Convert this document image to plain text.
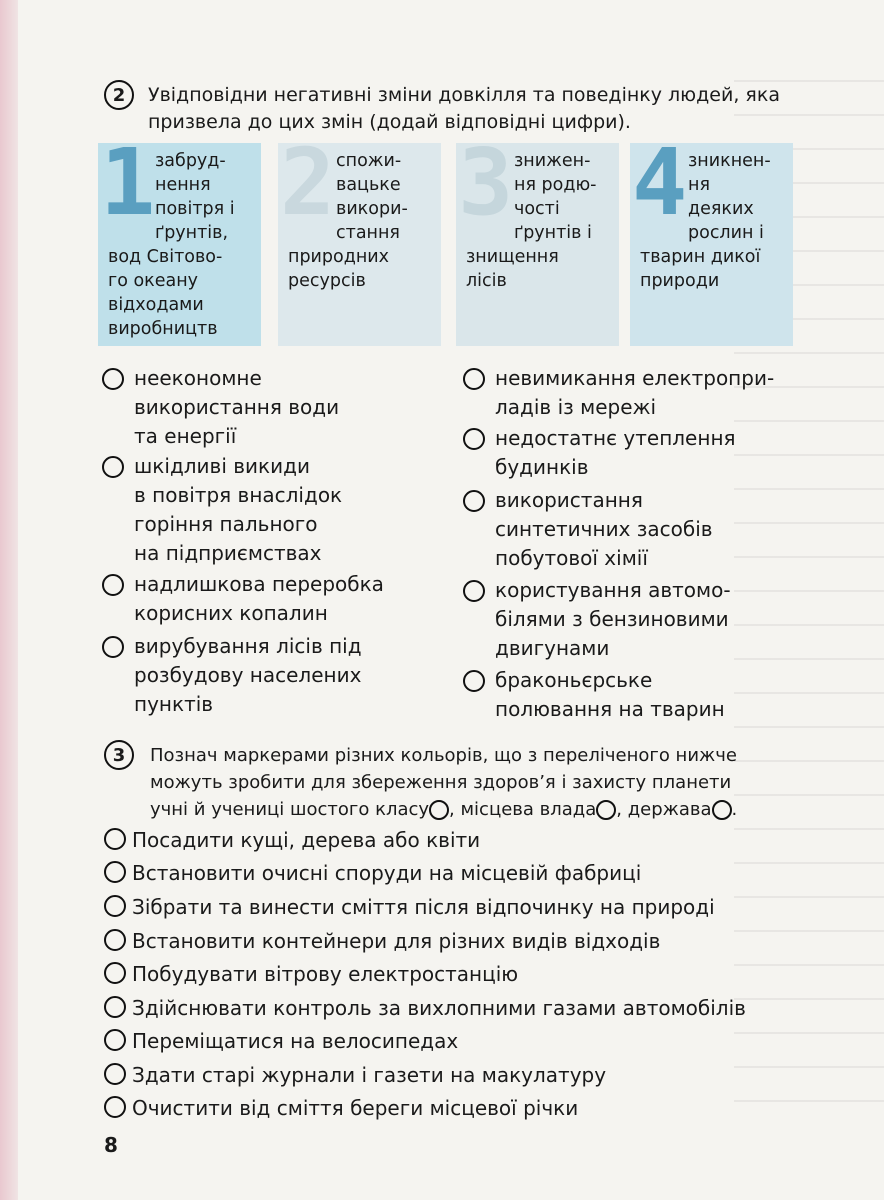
2 Увідповідни негативні зміни довкілля та поведінку людей, яка
призвела до цих змін (додай відповідні цифри).
1 забруд-
нення
повітря і
ґрунтів,
вод Світово-
го океану
відходами
виробництв
2 спожи-
вацьке
викори-
стання
природних
ресурсів
3 знижен-
ня родю-
чості
ґрунтів і
знищення
лісів
4 зникнен-
ня
деяких
рослин і
тварин дикої
природи
неекономне
використання води
та енергії
шкідливі викиди
в повітря внаслідок
горіння пального
на підприємствах
надлишкова переробка
корисних копалин
вирубування лісів під
розбудову населених
пунктів
невимикання електропри-
ладів із мережі
недостатнє утеплення
будинків
використання
синтетичних засобів
побутової хімії
користування автомо-
білями з бензиновими
двигунами
браконьєрське
полювання на тварин
3 Познач маркерами різних кольорів, що з переліченого нижче
можуть зробити для збереження здоров’я і захисту планети
учні й учениці шостого класу , місцева влада , держава .
Посадити кущі, дерева або квіти
Встановити очисні споруди на місцевій фабриці
Зібрати та винести сміття після відпочинку на природі
Встановити контейнери для різних видів відходів
Побудувати вітрову електростанцію
Здійснювати контроль за вихлопними газами автомобілів
Переміщатися на велосипедах
Здати старі журнали і газети на макулатуру
Очистити від сміття береги місцевої річки
8
